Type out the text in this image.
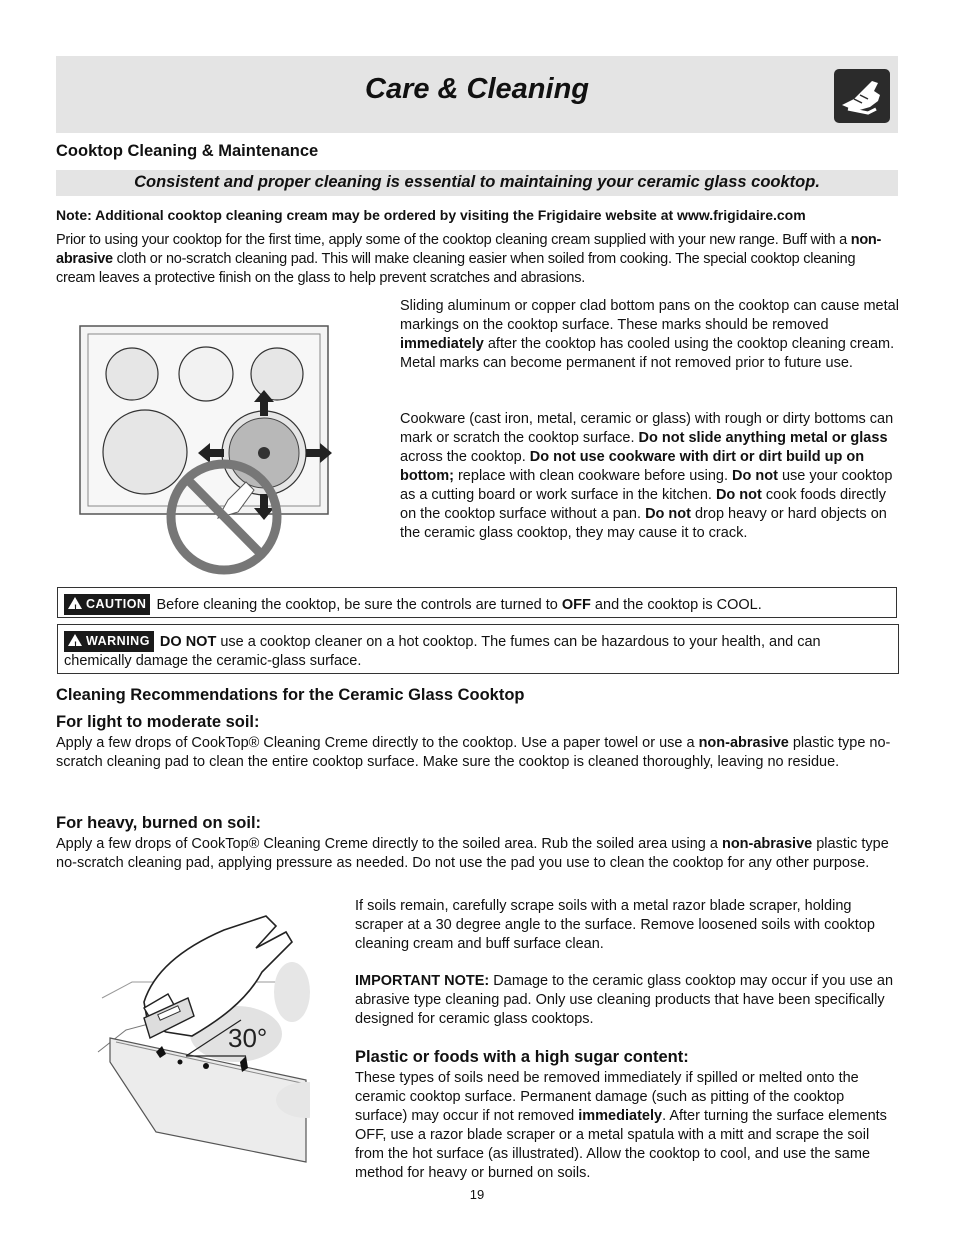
Care & Cleaning
Cooktop Cleaning & Maintenance
Consistent and proper cleaning is essential to maintaining your ceramic glass cooktop.
Note: Additional cooktop cleaning cream may be ordered by visiting the Frigidaire website at www.frigidaire.com
Prior to using your cooktop for the first time, apply some of the cooktop cleaning cream supplied with your new range. Buff with a non-abrasive cloth or no-scratch cleaning pad. This will make cleaning easier when soiled from cooking. The special cooktop cleaning cream leaves a protective finish on the glass to help prevent scratches and abrasions.
Sliding aluminum or copper clad bottom pans on the cooktop can cause metal markings on the cooktop surface. These marks should be removed immediately after the cooktop has cooled using the cooktop cleaning cream. Metal marks can become permanent if not removed prior to future use.
Cookware (cast iron, metal, ceramic or glass) with rough or dirty bottoms can mark or scratch the cooktop surface. Do not slide anything metal or glass across the cooktop. Do not use cookware with dirt or dirt build up on bottom; replace with clean cookware before using. Do not use your cooktop as a cutting board or work surface in the kitchen. Do not cook foods directly on the cooktop surface without a pan. Do not drop heavy or hard objects on the ceramic glass cooktop, they may cause it to crack.
! CAUTION Before cleaning the cooktop, be sure the controls are turned to OFF and the cooktop is COOL.
! WARNING DO NOT use a cooktop cleaner on a hot cooktop. The fumes can be hazardous to your health, and can chemically damage the ceramic-glass surface.
Cleaning Recommendations for the Ceramic Glass Cooktop
For light to moderate soil:
Apply a few drops of CookTop® Cleaning Creme directly to the cooktop. Use a paper towel or use a non-abrasive plastic type no-scratch cleaning pad to clean the entire cooktop surface. Make sure the cooktop is cleaned thoroughly, leaving no residue.
For heavy, burned on soil:
Apply a few drops of CookTop® Cleaning Creme directly to the soiled area. Rub the soiled area using a non-abrasive plastic type no-scratch cleaning pad, applying pressure as needed. Do not use the pad you use to clean the cooktop for any other purpose.
30°
If soils remain, carefully scrape soils with a metal razor blade scraper, holding scraper at a 30 degree angle to the surface. Remove loosened soils with cooktop cleaning cream and buff surface clean.
IMPORTANT NOTE: Damage to the ceramic glass cooktop may occur if you use an abrasive type cleaning pad. Only use cleaning products that have been specifically designed for ceramic glass cooktops.
Plastic or foods with a high sugar content:
These types of soils need be removed immediately if spilled or melted onto the ceramic cooktop surface. Permanent damage (such as pitting of the cooktop surface) may occur if not removed immediately. After turning the surface elements OFF, use a razor blade scraper or a metal spatula with a mitt and scrape the soil from the hot surface (as illustrated). Allow the cooktop to cool, and use the same method for heavy or burned on soils.
19
